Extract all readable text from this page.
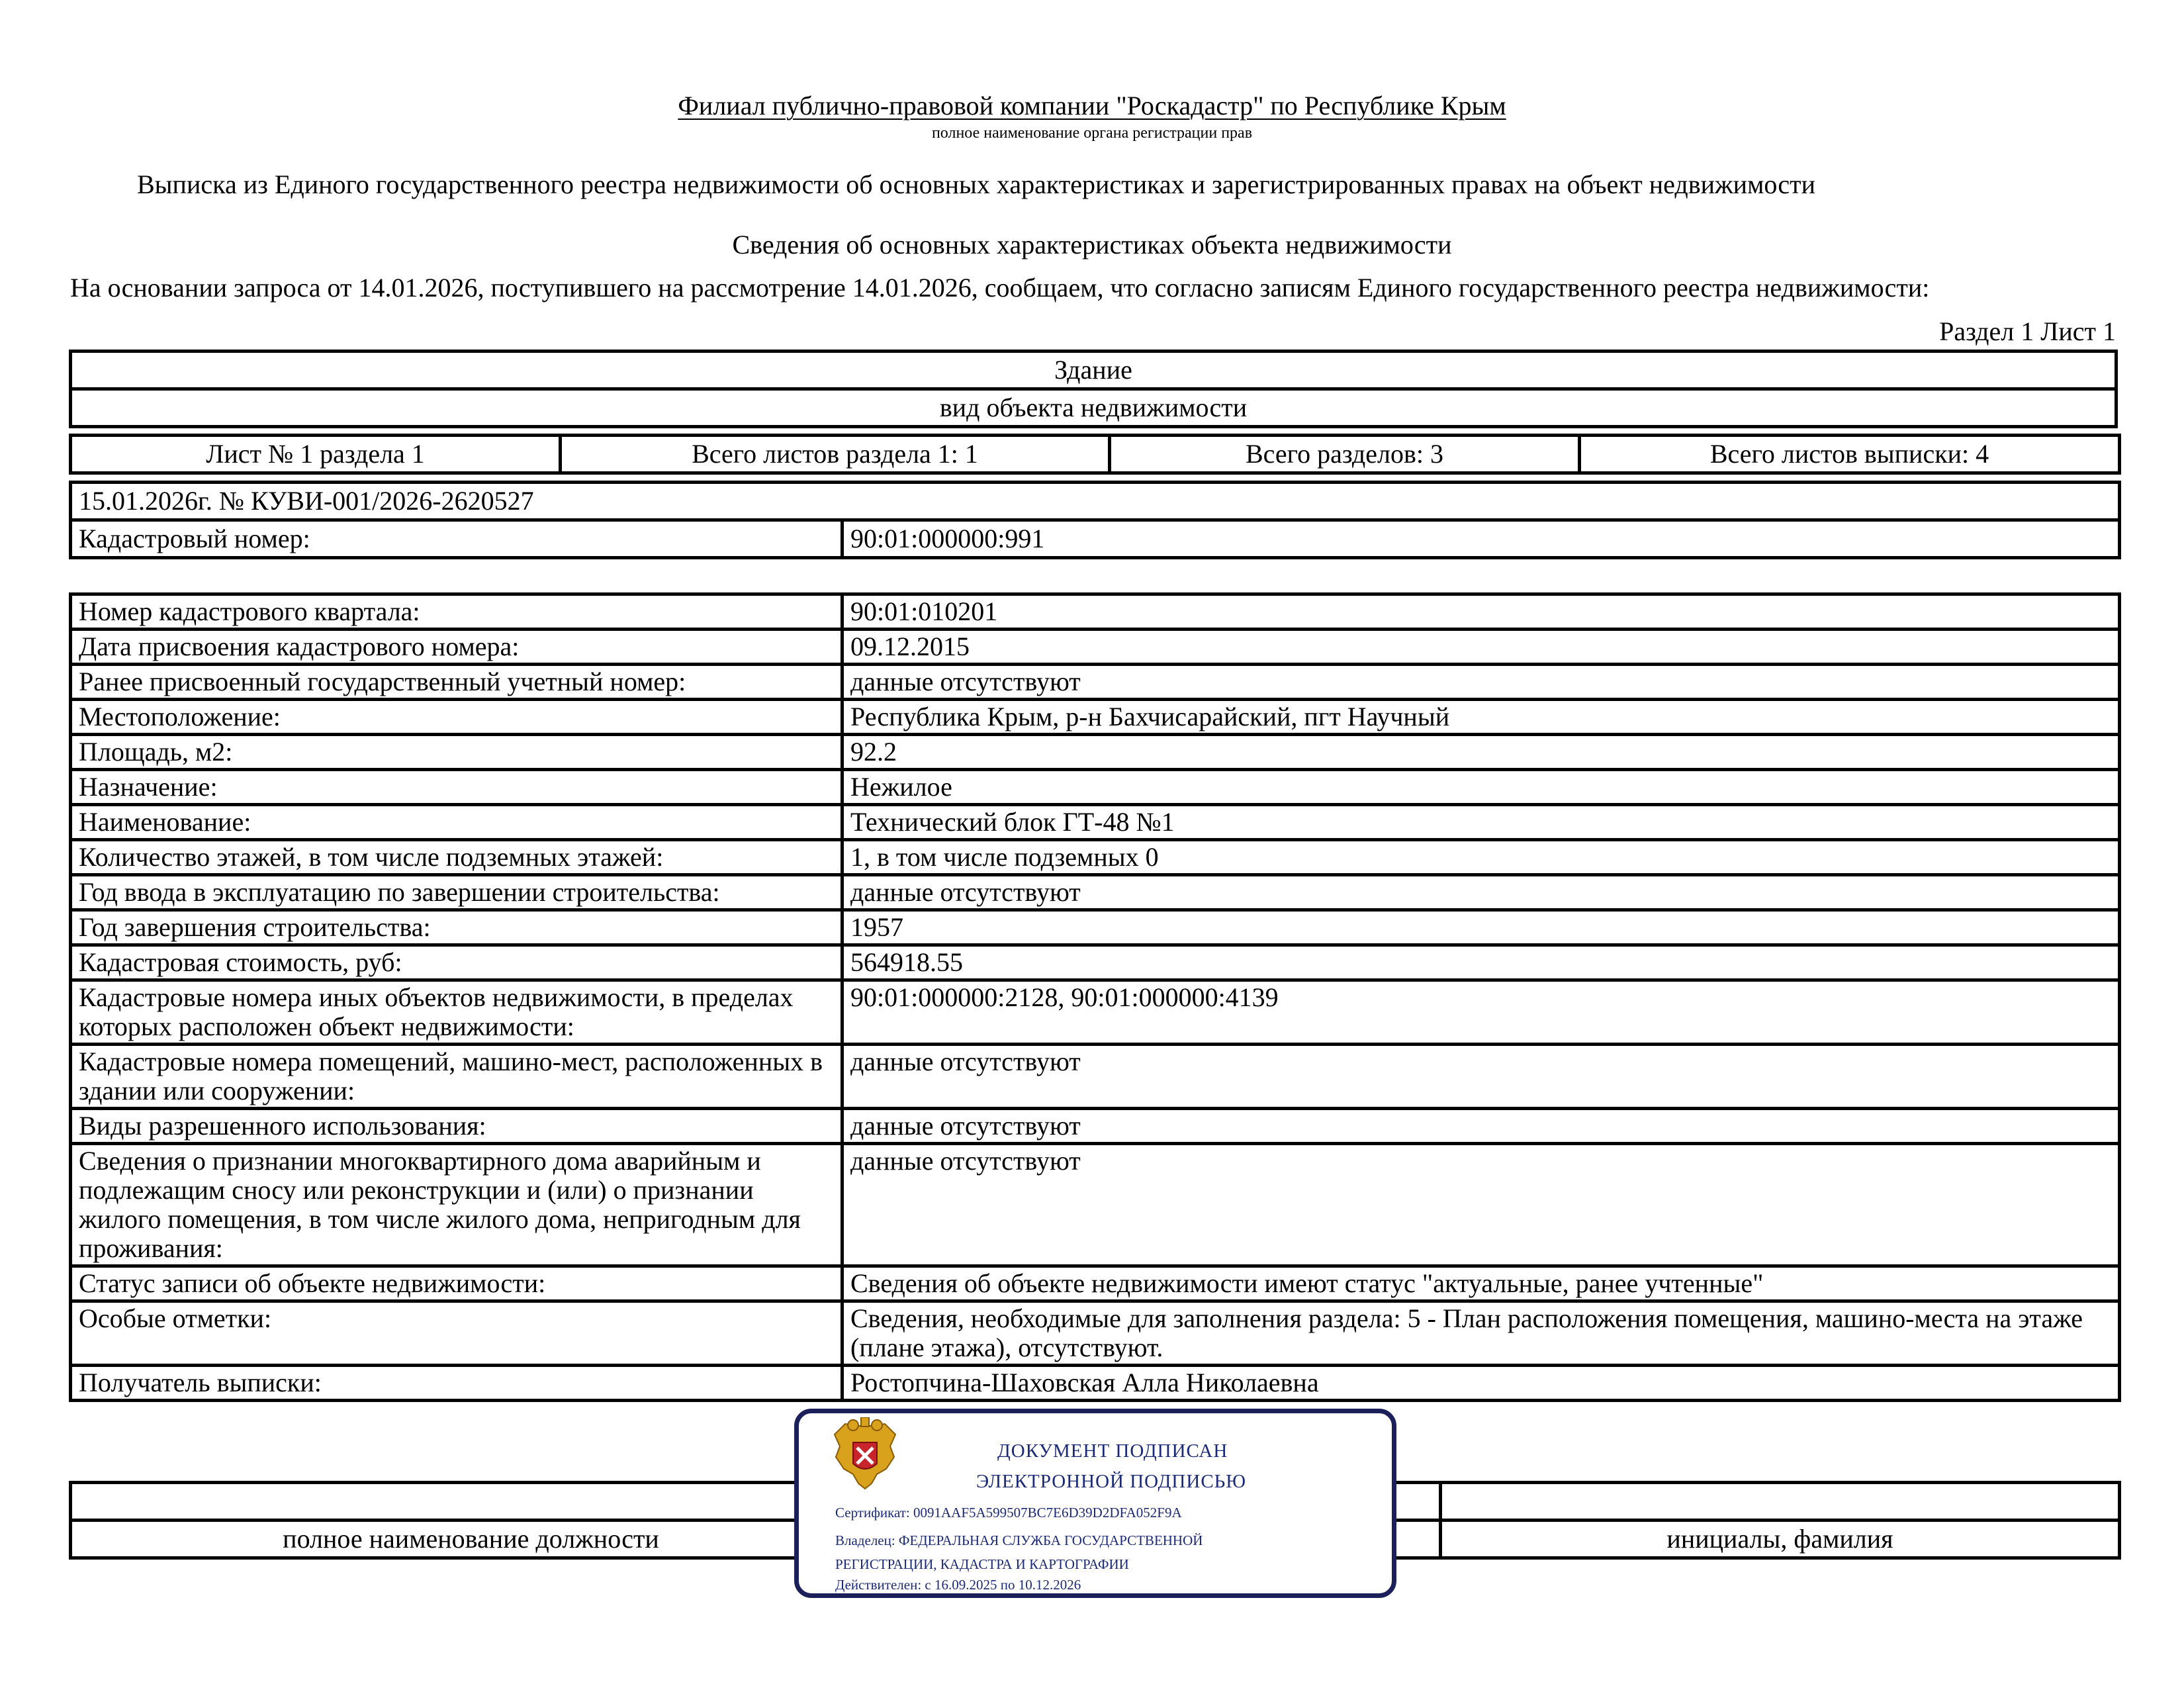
Филиал публично-правовой компании "Роскадастр" по Республике Крым
полное наименование органа регистрации прав
Выписка из Единого государственного реестра недвижимости об основных характеристиках и зарегистрированных правах на объект недвижимости
Сведения об основных характеристиках объекта недвижимости
На основании запроса от 14.01.2026, поступившего на рассмотрение 14.01.2026, сообщаем, что согласно записям Единого государственного реестра недвижимости:
Раздел 1 Лист 1
Здание
вид объекта недвижимости
Лист № 1 раздела 1	Всего листов раздела 1: 1	Всего разделов: 3	Всего листов выписки: 4
15.01.2026г. № КУВИ-001/2026-2620527
Кадастровый номер:	90:01:000000:991
Номер кадастрового квартала:	90:01:010201
Дата присвоения кадастрового номера:	09.12.2015
Ранее присвоенный государственный учетный номер:	данные отсутствуют
Местоположение:	Республика Крым, р-н Бахчисарайский, пгт Научный
Площадь, м2:	92.2
Назначение:	Нежилое
Наименование:	Технический блок ГТ-48 №1
Количество этажей, в том числе подземных этажей:	1, в том числе подземных 0
Год ввода в эксплуатацию по завершении строительства:	данные отсутствуют
Год завершения строительства:	1957
Кадастровая стоимость, руб:	564918.55
Кадастровые номера иных объектов недвижимости, в пределах которых расположен объект недвижимости:	90:01:000000:2128, 90:01:000000:4139
Кадастровые номера помещений, машино-мест, расположенных в здании или сооружении:	данные отсутствуют
Виды разрешенного использования:	данные отсутствуют
Сведения о признании многоквартирного дома аварийным и подлежащим сносу или реконструкции и (или) о признании жилого помещения, в том числе жилого дома, непригодным для проживания:	данные отсутствуют
Статус записи об объекте недвижимости:	Сведения об объекте недвижимости имеют статус "актуальные, ранее учтенные"
Особые отметки:	Сведения, необходимые для заполнения раздела: 5 - План расположения помещения, машино-места на этаже (плане этажа), отсутствуют.
Получатель выписки:	Ростопчина-Шаховская Алла Николаевна

полное наименование должности		инициалы, фамилия
ДОКУМЕНТ ПОДПИСАН
ЭЛЕКТРОННОЙ ПОДПИСЬЮ
Сертификат: 0091AAF5A599507BC7E6D39D2DFA052F9A
Владелец: ФЕДЕРАЛЬНАЯ СЛУЖБА ГОСУДАРСТВЕННОЙ
РЕГИСТРАЦИИ, КАДАСТРА И КАРТОГРАФИИ
Действителен: с 16.09.2025 по 10.12.2026
